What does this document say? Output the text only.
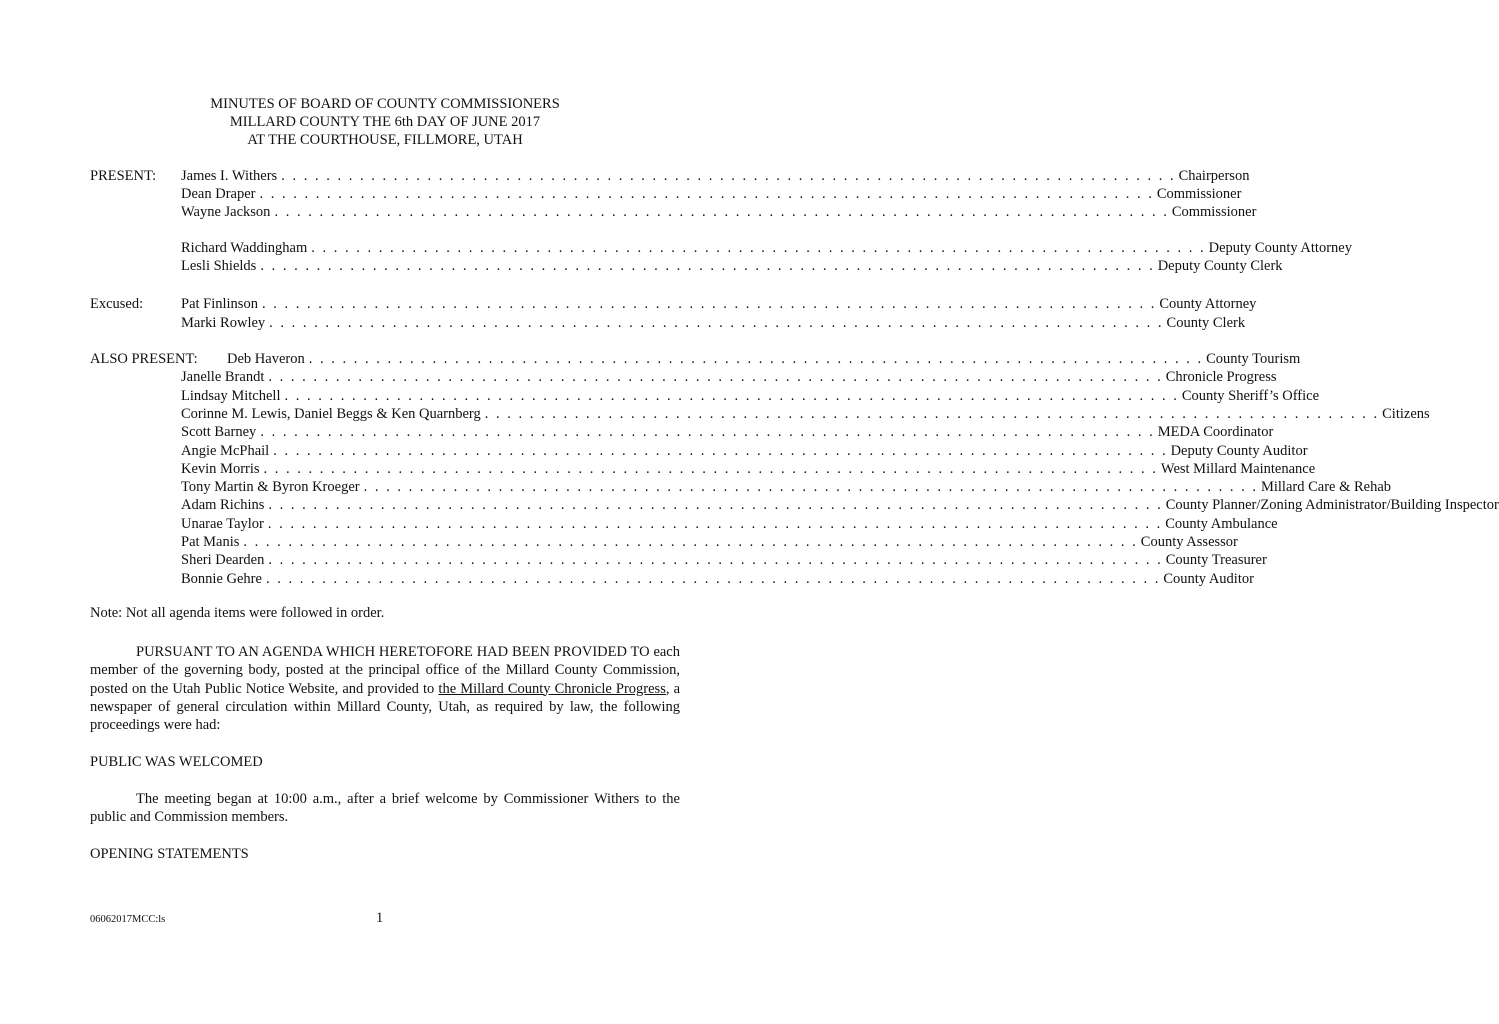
MINUTES OF BOARD OF COUNTY COMMISSIONERS
MILLARD COUNTY THE 6th DAY OF JUNE 2017
AT THE COURTHOUSE, FILLMORE, UTAH
PRESENT: James I. Withers . . . . . . . . . . . . . . . . . . . . . . . . . . . . . . . . . . . . . . . . . . . . . . . . . . . . . . . . . . . . . . . . . . . . . . . . . . . . . . . . Chairperson
Dean Draper . . . . . . . . . . . . . . . . . . . . . . . . . . . . . . . . . . . . . . . . . . . . . . . . . . . . . . . . . . . . . . . . . . . . . . . . . . . . . . . . Commissioner
Wayne Jackson . . . . . . . . . . . . . . . . . . . . . . . . . . . . . . . . . . . . . . . . . . . . . . . . . . . . . . . . . . . . . . . . . . . . . . . . . . . . . . . . Commissioner
Richard Waddingham . . . . . . . . . . . . . . . . . . . . . . . . . . . . . . . . . . . . . . . . . . . . . . . . . . . . . . . . . . . . . . . . . . . . . . . . . . . . . . . . Deputy County Attorney
Lesli Shields . . . . . . . . . . . . . . . . . . . . . . . . . . . . . . . . . . . . . . . . . . . . . . . . . . . . . . . . . . . . . . . . . . . . . . . . . . . . . . . . Deputy County Clerk
Excused:	Pat Finlinson . . . . . . . . . . . . . . . . . . . . . . . . . . . . . . . . . . . . . . . . . . . . . . . . . . . . . . . . . . . . . . . . . . . . . . . . . . . . . . . . County Attorney
Marki Rowley . . . . . . . . . . . . . . . . . . . . . . . . . . . . . . . . . . . . . . . . . . . . . . . . . . . . . . . . . . . . . . . . . . . . . . . . . . . . . . . . County Clerk
ALSO PRESENT:	Deb Haveron . . . . . . . . . . . . . . . . . . . . . . . . . . . . . . . . . . . . . . . . . . . . . . . . . . . . . . . . . . . . . . . . . . . . . . . . . . . . . . . . County Tourism
Janelle Brandt . . . . . . . . . . . . . . . . . . . . . . . . . . . . . . . . . . . . . . . . . . . . . . . . . . . . . . . . . . . . . . . . . . . . . . . . . . . . . . . . Chronicle Progress
Lindsay Mitchell . . . . . . . . . . . . . . . . . . . . . . . . . . . . . . . . . . . . . . . . . . . . . . . . . . . . . . . . . . . . . . . . . . . . . . . . . . . . . . . . County Sheriff’s Office
Corinne M. Lewis, Daniel Beggs & Ken Quarnberg . . . . . . . . . . . . . . . . . . . . . . . . . . . . . . . . . . . . . . . . . . . . . . . . . . . . . . . . . . . . . . . . . . . . . . . . . . . . . . . . Citizens
Scott Barney . . . . . . . . . . . . . . . . . . . . . . . . . . . . . . . . . . . . . . . . . . . . . . . . . . . . . . . . . . . . . . . . . . . . . . . . . . . . . . . . MEDA Coordinator
Angie McPhail . . . . . . . . . . . . . . . . . . . . . . . . . . . . . . . . . . . . . . . . . . . . . . . . . . . . . . . . . . . . . . . . . . . . . . . . . . . . . . . . Deputy County Auditor
Kevin Morris . . . . . . . . . . . . . . . . . . . . . . . . . . . . . . . . . . . . . . . . . . . . . . . . . . . . . . . . . . . . . . . . . . . . . . . . . . . . . . . . West Millard Maintenance
Tony Martin & Byron Kroeger . . . . . . . . . . . . . . . . . . . . . . . . . . . . . . . . . . . . . . . . . . . . . . . . . . . . . . . . . . . . . . . . . . . . . . . . . . . . . . . . Millard Care & Rehab
Adam Richins . . . . . . . . . . . . . . . . . . . . . . . . . . . . . . . . . . . . . . . . . . . . . . . . . . . . . . . . . . . . . . . . . . . . . . . . . . . . . . . . County Planner/Zoning Administrator/Building Inspector
Unarae Taylor . . . . . . . . . . . . . . . . . . . . . . . . . . . . . . . . . . . . . . . . . . . . . . . . . . . . . . . . . . . . . . . . . . . . . . . . . . . . . . . . County Ambulance
Pat Manis . . . . . . . . . . . . . . . . . . . . . . . . . . . . . . . . . . . . . . . . . . . . . . . . . . . . . . . . . . . . . . . . . . . . . . . . . . . . . . . . County Assessor
Sheri Dearden . . . . . . . . . . . . . . . . . . . . . . . . . . . . . . . . . . . . . . . . . . . . . . . . . . . . . . . . . . . . . . . . . . . . . . . . . . . . . . . . County Treasurer
Bonnie Gehre . . . . . . . . . . . . . . . . . . . . . . . . . . . . . . . . . . . . . . . . . . . . . . . . . . . . . . . . . . . . . . . . . . . . . . . . . . . . . . . . County Auditor
Note: Not all agenda items were followed in order.
PURSUANT TO AN AGENDA WHICH HERETOFORE HAD BEEN PROVIDED TO each member of the governing body, posted at the principal office of the Millard County Commission, posted on the Utah Public Notice Website, and provided to the Millard County Chronicle Progress, a newspaper of general circulation within Millard County, Utah, as required by law, the following proceedings were had:
PUBLIC WAS WELCOMED
The meeting began at 10:00 a.m., after a brief welcome by Commissioner Withers to the public and Commission members.
OPENING STATEMENTS
06062017MCC:ls	1
